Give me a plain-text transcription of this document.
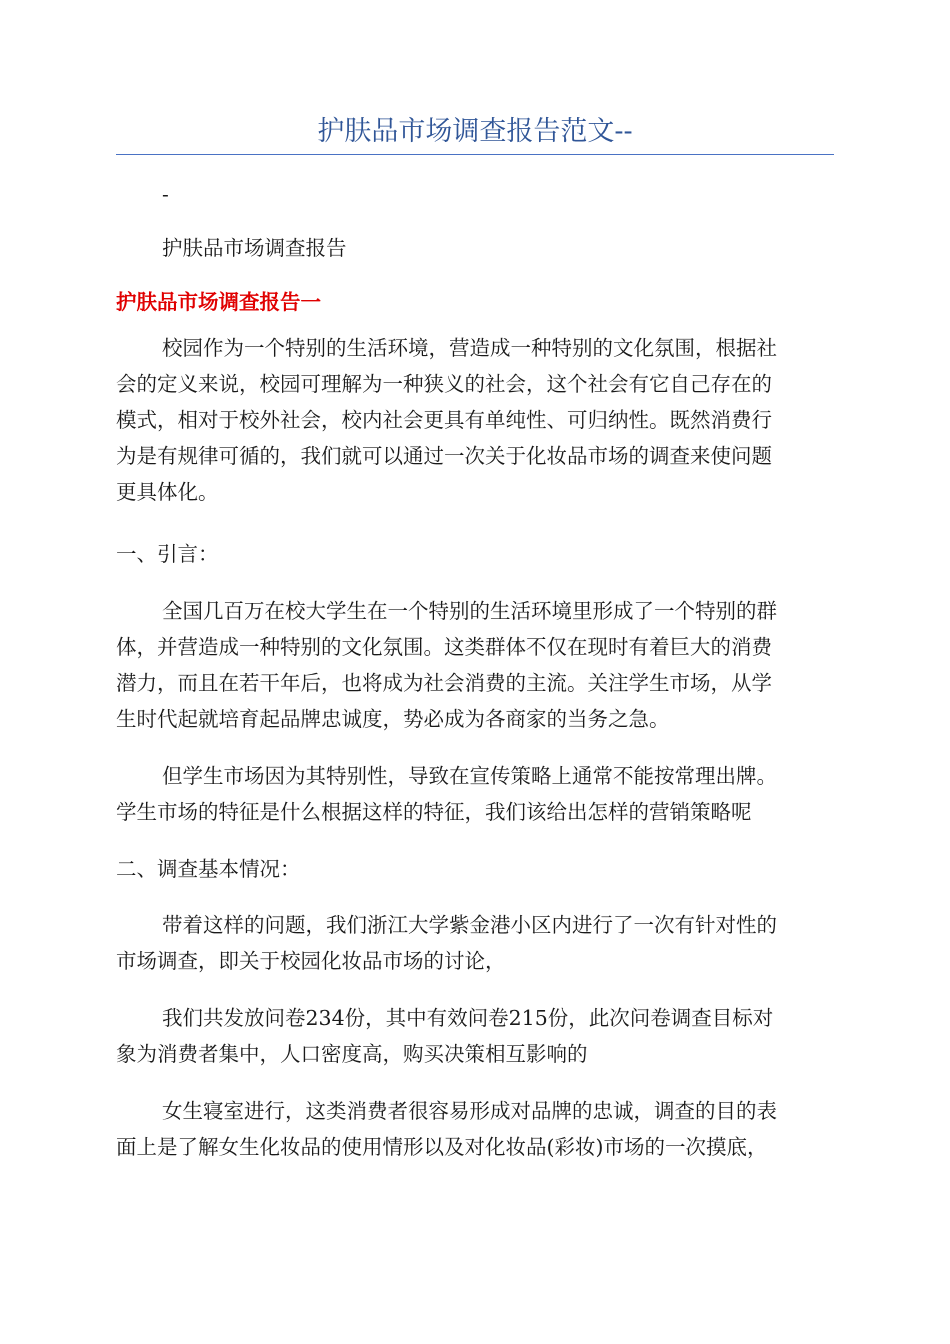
护肤品市场调查报告范文--

-

护肤品市场调查报告

护肤品市场调查报告一

校园作为一个特别的生活环境，营造成一种特别的文化氛围，根据社

会的定义来说，校园可理解为一种狭义的社会，这个社会有它自己存在的

模式，相对于校外社会，校内社会更具有单纯性、可归纳性。既然消费行

为是有规律可循的，我们就可以通过一次关于化妆品市场的调查来使问题

更具体化。

一、引言：

全国几百万在校大学生在一个特别的生活环境里形成了一个特别的群

体，并营造成一种特别的文化氛围。这类群体不仅在现时有着巨大的消费

潜力，而且在若干年后，也将成为社会消费的主流。关注学生市场，从学

生时代起就培育起品牌忠诚度，势必成为各商家的当务之急。

但学生市场因为其特别性，导致在宣传策略上通常不能按常理出牌。

学生市场的特征是什么根据这样的特征，我们该给出怎样的营销策略呢

二、调查基本情况：

带着这样的问题，我们浙江大学紫金港小区内进行了一次有针对性的

市场调查，即关于校园化妆品市场的讨论，

我们共发放问卷234份，其中有效问卷215份，此次问卷调查目标对

象为消费者集中，人口密度高，购买决策相互影响的

女生寝室进行，这类消费者很容易形成对品牌的忠诚，调查的目的表

面上是了解女生化妆品的使用情形以及对化妆品(彩妆)市场的一次摸底，
